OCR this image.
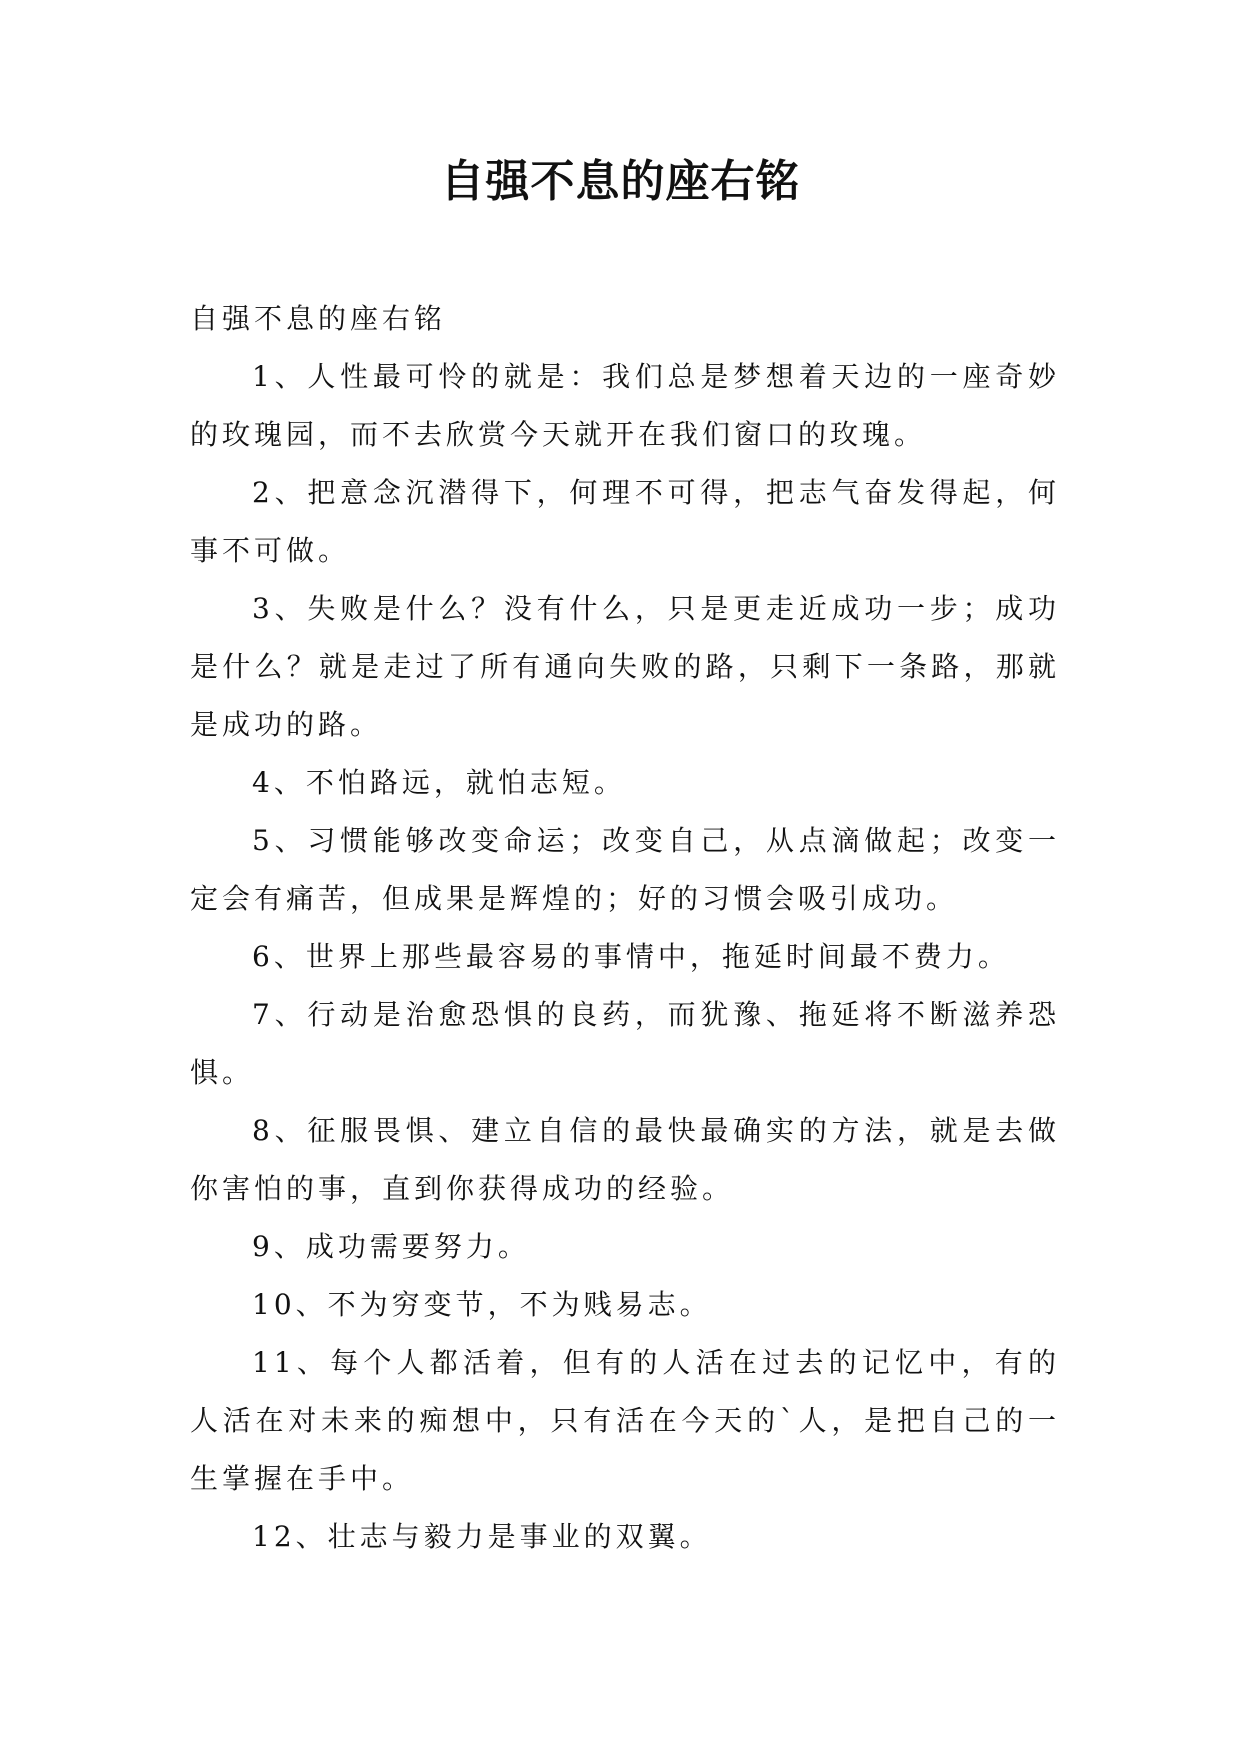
自强不息的座右铭

自强不息的座右铭

1、人性最可怜的就是：我们总是梦想着天边的一座奇妙的玫瑰园，而不去欣赏今天就开在我们窗口的玫瑰。

2、把意念沉潜得下，何理不可得，把志气奋发得起，何事不可做。

3、失败是什么？没有什么，只是更走近成功一步；成功是什么？就是走过了所有通向失败的路，只剩下一条路，那就是成功的路。

4、不怕路远，就怕志短。

5、习惯能够改变命运；改变自己，从点滴做起；改变一定会有痛苦，但成果是辉煌的；好的习惯会吸引成功。

6、世界上那些最容易的事情中，拖延时间最不费力。

7、行动是治愈恐惧的良药，而犹豫、拖延将不断滋养恐惧。

8、征服畏惧、建立自信的最快最确实的方法，就是去做你害怕的事，直到你获得成功的经验。

9、成功需要努力。

10、不为穷变节，不为贱易志。

11、每个人都活着，但有的人活在过去的记忆中，有的人活在对未来的痴想中，只有活在今天的`人，是把自己的一生掌握在手中。

12、壮志与毅力是事业的双翼。
